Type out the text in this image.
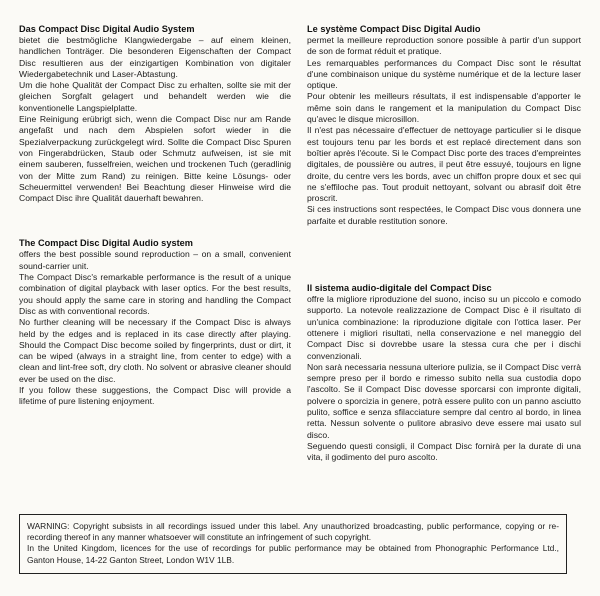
Das Compact Disc Digital Audio System

bietet die bestmögliche Klangwiedergabe – auf einem kleinen, handlichen Tonträger. Die besonderen Eigenschaften der Compact Disc resultieren aus der einzigartigen Kombination von digitaler Wiedergabetechnik und Laser-Abtastung.

Um die hohe Qualität der Compact Disc zu erhalten, sollte sie mit der gleichen Sorgfalt gelagert und behandelt werden wie die konventionelle Langspielplatte.

Eine Reinigung erübrigt sich, wenn die Compact Disc nur am Rande angefaßt und nach dem Abspielen sofort wieder in die Spezialverpackung zurückgelegt wird. Sollte die Compact Disc Spuren von Fingerabdrücken, Staub oder Schmutz aufweisen, ist sie mit einem sauberen, fusselfreien, weichen und trockenen Tuch (geradlinig von der Mitte zum Rand) zu reinigen. Bitte keine Lösungs- oder Scheuermittel verwenden! Bei Beachtung dieser Hinweise wird die Compact Disc ihre Qualität dauerhaft bewahren.

The Compact Disc Digital Audio system

offers the best possible sound reproduction – on a small, convenient sound-carrier unit.

The Compact Disc's remarkable performance is the result of a unique combination of digital playback with laser optics. For the best results, you should apply the same care in storing and handling the Compact Disc as with conventional records.

No further cleaning will be necessary if the Compact Disc is always held by the edges and is replaced in its case directly after playing. Should the Compact Disc become soiled by fingerprints, dust or dirt, it can be wiped (always in a straight line, from center to edge) with a clean and lint-free soft, dry cloth. No solvent or abrasive cleaner should ever be used on the disc.

If you follow these suggestions, the Compact Disc will provide a lifetime of pure listening enjoyment.

Le système Compact Disc Digital Audio

permet la meilleure reproduction sonore possible à partir d'un support de son de format réduit et pratique.

Les remarquables performances du Compact Disc sont le résultat d'une combinaison unique du système numérique et de la lecture laser optique.

Pour obtenir les meilleurs résultats, il est indispensable d'apporter le même soin dans le rangement et la manipulation du Compact Disc qu'avec le disque microsillon.

Il n'est pas nécessaire d'effectuer de nettoyage particulier si le disque est toujours tenu par les bords et est replacé directement dans son boîtier après l'écoute. Si le Compact Disc porte des traces d'empreintes digitales, de poussière ou autres, il peut être essuyé, toujours en ligne droite, du centre vers les bords, avec un chiffon propre doux et sec qui ne s'effiloche pas. Tout produit nettoyant, solvant ou abrasif doit être proscrit.

Si ces instructions sont respectées, le Compact Disc vous donnera une parfaite et durable restitution sonore.

Il sistema audio-digitale del Compact Disc

offre la migliore riproduzione del suono, inciso su un piccolo e comodo supporto. La notevole realizzazione de Compact Disc è il risultato di un'unica combinazione: la riproduzione digitale con l'ottica laser. Per ottenere i migliori risultati, nella conservazione e nel maneggio del Compact Disc si dovrebbe usare la stessa cura che per i dischi convenzionali.

Non sarà necessaria nessuna ulteriore pulizia, se il Compact Disc verrà sempre preso per il bordo e rimesso subito nella sua custodia dopo l'ascolto. Se il Compact Disc dovesse sporcarsi con impronte digitali, polvere o sporcizia in genere, potrà essere pulito con un panno asciutto pulito, soffice e senza sfilacciature sempre dal centro al bordo, in linea retta. Nessun solvente o pulitore abrasivo deve essere mai usato sul disco.

Seguendo questi consigli, il Compact Disc fornirà per la durate di una vita, il godimento del puro ascolto.

WARNING: Copyright subsists in all recordings issued under this label. Any unauthorized broadcasting, public performance, copying or re-recording thereof in any manner whatsoever will constitute an infringement of such copyright.

In the United Kingdom, licences for the use of recordings for public performance may be obtained from Phonographic Performance Ltd., Ganton House, 14-22 Ganton Street, London W1V 1LB.
